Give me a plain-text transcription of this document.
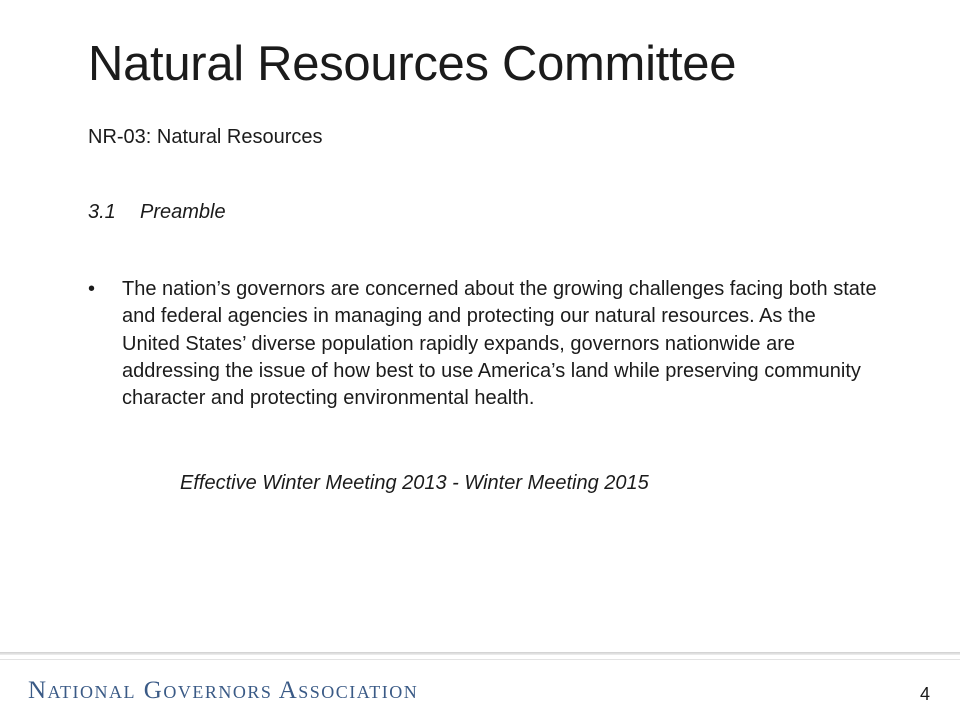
Natural Resources Committee
NR-03: Natural Resources
3.1 Preamble
•	The nation’s governors are concerned about the growing challenges facing both state and federal agencies in managing and protecting our natural resources. As the United States’ diverse population rapidly expands, governors nationwide are addressing the issue of how best to use America’s land while preserving community character and protecting environmental health.
Effective Winter Meeting 2013 - Winter Meeting 2015
National Governors Association	4
